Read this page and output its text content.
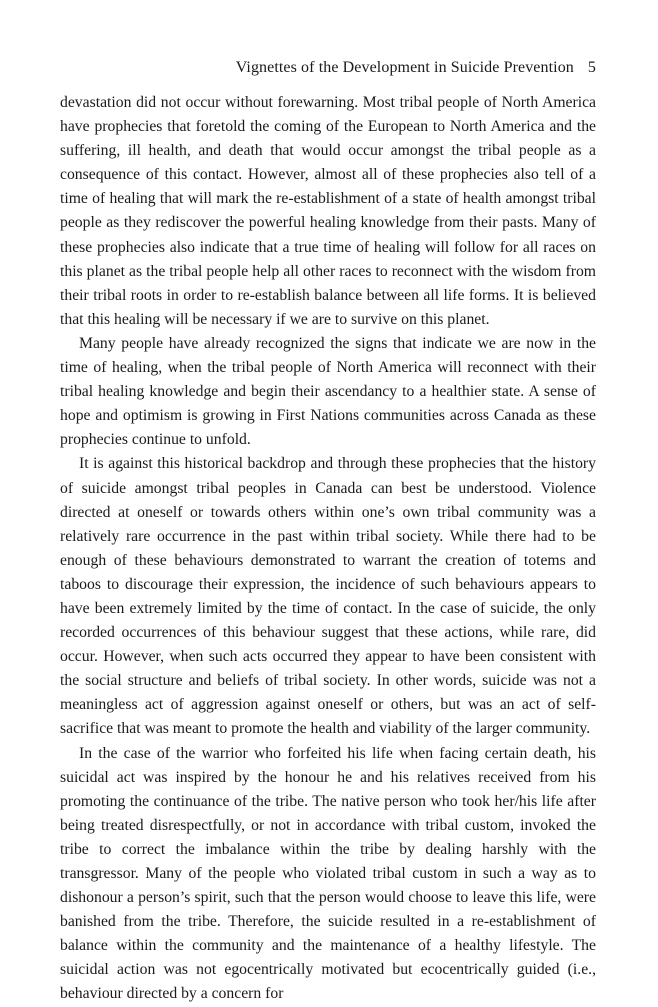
Vignettes of the Development in Suicide Prevention 5

devastation did not occur without forewarning. Most tribal people of North America have prophecies that foretold the coming of the European to North America and the suffering, ill health, and death that would occur amongst the tribal people as a consequence of this contact. However, almost all of these prophecies also tell of a time of healing that will mark the re-establishment of a state of health amongst tribal people as they rediscover the powerful healing knowledge from their pasts. Many of these prophecies also indicate that a true time of healing will follow for all races on this planet as the tribal people help all other races to reconnect with the wisdom from their tribal roots in order to re-establish balance between all life forms. It is believed that this healing will be necessary if we are to survive on this planet.

Many people have already recognized the signs that indicate we are now in the time of healing, when the tribal people of North America will reconnect with their tribal healing knowledge and begin their ascendancy to a healthier state. A sense of hope and optimism is growing in First Nations communities across Canada as these prophecies continue to unfold.

It is against this historical backdrop and through these prophecies that the history of suicide amongst tribal peoples in Canada can best be understood. Violence directed at oneself or towards others within one’s own tribal community was a relatively rare occurrence in the past within tribal society. While there had to be enough of these behaviours demonstrated to warrant the creation of totems and taboos to discourage their expression, the incidence of such behaviours appears to have been extremely limited by the time of contact. In the case of suicide, the only recorded occurrences of this behaviour suggest that these actions, while rare, did occur. However, when such acts occurred they appear to have been consistent with the social structure and beliefs of tribal society. In other words, suicide was not a meaningless act of aggression against oneself or others, but was an act of self-sacrifice that was meant to promote the health and viability of the larger community.

In the case of the warrior who forfeited his life when facing certain death, his suicidal act was inspired by the honour he and his relatives received from his promoting the continuance of the tribe. The native person who took her/​his life after being treated disrespectfully, or not in accordance with tribal custom, invoked the tribe to correct the imbalance within the tribe by dealing harshly with the transgressor. Many of the people who violated tribal custom in such a way as to dishonour a person’s spirit, such that the person would choose to leave this life, were banished from the tribe. Therefore, the suicide resulted in a re-establishment of balance within the community and the maintenance of a healthy lifestyle. The suicidal action was not egocentrically motivated but ecocentrically guided (i.e., behaviour directed by a concern for
